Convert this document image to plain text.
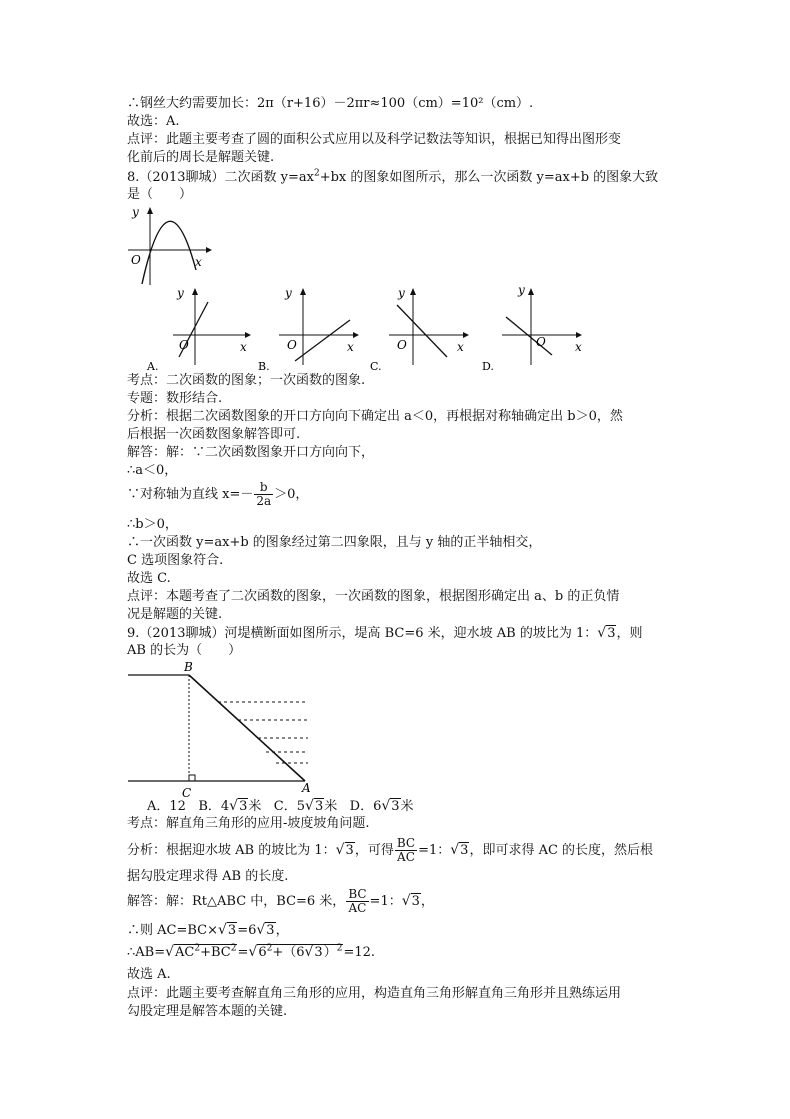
∴钢丝大约需要加长：2π（r+16）－2πr≈100（cm）=10²（cm）.
故选：A.
点评：此题主要考查了圆的面积公式应用以及科学记数法等知识，根据已知得出图形变
化前后的周长是解题关键.
8.（2013聊城）二次函数 $y=ax^2+bx$ 的图象如图所示，那么一次函数 y=ax+b 的图象大致
是（　　）
y
O	x
y
O	x
A.
y
O	x
B.
y
O	x
C.
y
O x
D.
考点：二次函数的图象；一次函数的图象.
专题：数形结合.
分析：根据二次函数图象的开口方向向下确定出 a＜0，再根据对称轴确定出 b＞0，然
后根据一次函数图象解答即可.
解答：解：∵二次函数图象开口方向向下，
∴a＜0，
∵对称轴为直线 $x=- \frac{b}{2a} >0$，
∴b＞0，
∴一次函数 y=ax+b 的图象经过第二四象限，且与 y 轴的正半轴相交，
C 选项图象符合.
故选 C.
点评：本题考查了二次函数的图象，一次函数的图象，根据图形确定出 a、b 的正负情
况是解题的关键.
9.（2013聊城）河堤横断面如图所示，堤高 BC=6 米，迎水坡 AB 的坡比为 1：√3，则
AB 的长为（　　）
B
C	A
A．12 B．4√3米 C．5√3米 D．6√3米
考点：解直角三角形的应用-坡度坡角问题.
分析：根据迎水坡 AB 的坡比为 1：√3，可得 $\frac{BC}{AC} =1$：√3，即可求得 AC 的长度，然后根
据勾股定理求得 AB 的长度.
解答：解：Rt△ABC 中，BC=6 米， $\frac{BC}{AC} =1$：√3，
∴则 AC=BC×√3=6√3，
$\therefore AB=√AC^2+BC^2=√6^2+(6√3)^2=12$.
故选 A.
点评：此题主要考查解直角三角形的应用，构造直角三角形解直角三角形并且熟练运用
勾股定理是解答本题的关键.
